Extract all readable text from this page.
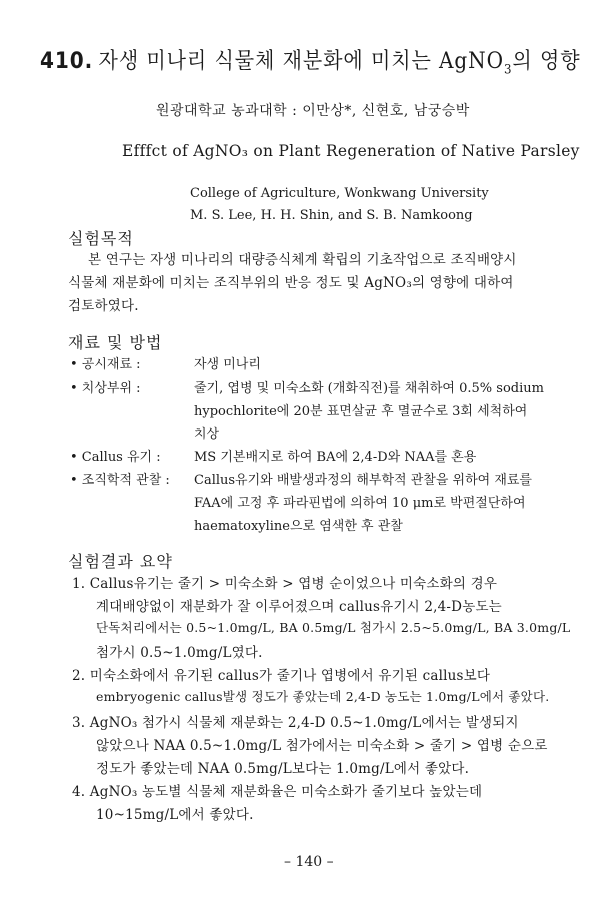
410. 자생 미나리 식물체 재분화에 미치는 AgNO$_3$의 영향
원광대학교 농과대학 : 이만상*, 신현호, 남궁승박
Efffct of AgNO₃ on Plant Regeneration of Native Parsley
College of Agriculture, Wonkwang University
M. S. Lee, H. H. Shin, and S. B. Namkoong
실험목적
본 연구는 자생 미나리의 대량증식체계 확립의 기초작업으로 조직배양시
식물체 재분화에 미치는 조직부위의 반응 정도 및 AgNO₃의 영향에 대하여
검토하였다.
재료 및 방법
• 공시재료 :	자생 미나리
• 치상부위 :	줄기, 엽병 및 미숙소화 (개화직전)를 채취하여 0.5% sodium
hypochlorite에 20분 표면살균 후 멸균수로 3회 세척하여
치상
• Callus 유기 :	MS 기본배지로 하여 BA에 2,4-D와 NAA를 혼용
• 조직학적 관찰 : Callus유기와 배발생과정의 해부학적 관찰을 위하여 재료를
FAA에 고정 후 파라핀법에 의하여 10 μm로 박편절단하여
haematoxyline으로 염색한 후 관찰
실험결과 요약
1. Callus유기는 줄기 > 미숙소화 > 엽병 순이었으나 미숙소화의 경우
계대배양없이 재분화가 잘 이루어졌으며 callus유기시 2,4-D농도는
단독처리에서는 0.5~1.0mg/L, BA 0.5mg/L 첨가시 2.5~5.0mg/L, BA 3.0mg/L
첨가시 0.5~1.0mg/L였다.
2. 미숙소화에서 유기된 callus가 줄기나 엽병에서 유기된 callus보다
embryogenic callus발생 정도가 좋았는데 2,4-D 농도는 1.0mg/L에서 좋았다.
3. AgNO₃ 첨가시 식물체 재분화는 2,4-D 0.5~1.0mg/L에서는 발생되지
않았으나 NAA 0.5~1.0mg/L 첨가에서는 미숙소화 > 줄기 > 엽병 순으로
정도가 좋았는데 NAA 0.5mg/L보다는 1.0mg/L에서 좋았다.
4. AgNO₃ 농도별 식물체 재분화율은 미숙소화가 줄기보다 높았는데
10~15mg/L에서 좋았다.
– 140 –
